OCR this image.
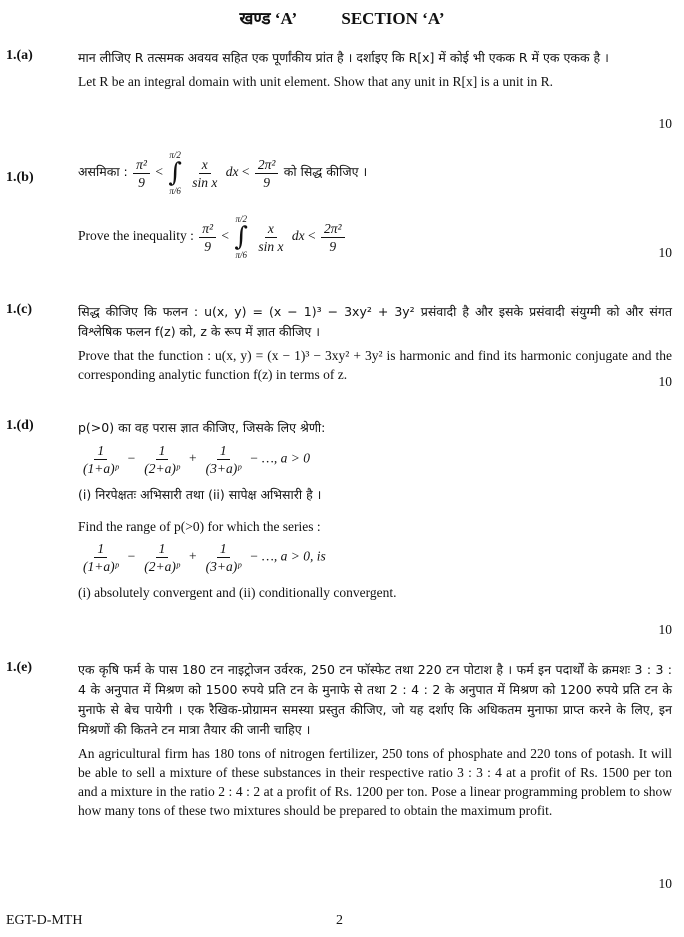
खण्ड ‘A’	SECTION ‘A’
1.(a)	मान लीजिए R तत्समक अवयव सहित एक पूर्णांकीय प्रांत है । दर्शाइए कि R[x] में कोई भी एकक R में एक एकक है ।
Let R be an integral domain with unit element. Show that any unit in R[x] is a unit in R.
10
1.(b)	असमिका : $\frac{\text{π²}}{9}$ <
π/2
∫
π/6

$\frac{x}{\text{sin x}}$ dx < $\frac{\text{2π²}}{9}$ को सिद्ध कीजिए ।
Prove the inequality : $\frac{\text{π²}}{9}$ <
π/2
∫
π/6

$\frac{x}{\text{sin x}}$ dx < $\frac{\text{2π²}}{9}$	10
1.(c)	सिद्ध कीजिए कि फलन : u(x, y) = (x − 1)³ − 3xy² + 3y² प्रसंवादी है और इसके प्रसंवादी संयुग्मी को और संगत विश्लेषिक फलन f(z) को, z के रूप में ज्ञात कीजिए ।
Prove that the function : u(x, y) = (x − 1)³ − 3xy² + 3y² is harmonic and find its harmonic conjugate and the corresponding analytic function f(z) in terms of z.	10
1.(d)	p(>0) का वह परास ज्ञात कीजिए, जिसके लिए श्रेणी:
$\frac{1}{\text{(1+a)ᵖ}} - \frac{1}{\text{(2+a)ᵖ}} + \frac{1}{\text{(3+a)ᵖ}}$ − …, a > 0
(i) निरपेक्षतः अभिसारी तथा (ii) सापेक्ष अभिसारी है ।
Find the range of p(>0) for which the series :
$\frac{1}{\text{(1+a)ᵖ}} - \frac{1}{\text{(2+a)ᵖ}} + \frac{1}{\text{(3+a)ᵖ}}$ − …, a > 0, is
(i) absolutely convergent and (ii) conditionally convergent.
10
1.(e)	एक कृषि फर्म के पास 180 टन नाइट्रोजन उर्वरक, 250 टन फॉस्फेट तथा 220 टन पोटाश है । फर्म इन पदार्थों के क्रमशः 3 : 3 : 4 के अनुपात में मिश्रण को 1500 रुपये प्रति टन के मुनाफे से तथा 2 : 4 : 2 के अनुपात में मिश्रण को 1200 रुपये प्रति टन के मुनाफे से बेच पायेगी । एक रैखिक-प्रोग्रामन समस्या प्रस्तुत कीजिए, जो यह दर्शाए कि अधिकतम मुनाफा प्राप्त करने के लिए, इन मिश्रणों की कितने टन मात्रा तैयार की जानी चाहिए ।
An agricultural firm has 180 tons of nitrogen fertilizer, 250 tons of phosphate and 220 tons of potash. It will be able to sell a mixture of these substances in their respective ratio 3 : 3 : 4 at a profit of Rs. 1500 per ton and a mixture in the ratio 2 : 4 : 2 at a profit of Rs. 1200 per ton. Pose a linear programming problem to show how many tons of these two mixtures should be prepared to obtain the maximum profit.
10
EGT-D-MTH	2
